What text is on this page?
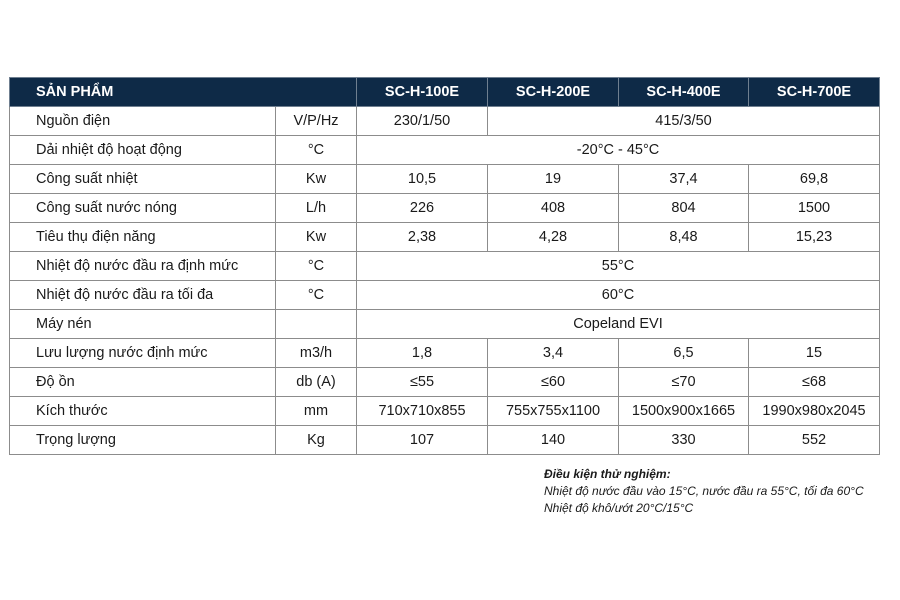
SẢN PHẨM		SC-H-100E	SC-H-200E	SC-H-400E	SC-H-700E
Nguồn điện	V/P/Hz	230/1/50	415/3/50		
Dải nhiệt độ hoạt động	°C	-20°C - 45°C			
Công suất nhiệt	Kw	10,5	19	37,4	69,8
Công suất nước nóng	L/h	226	408	804	1500
Tiêu thụ điện năng	Kw	2,38	4,28	8,48	15,23
Nhiệt độ nước đầu ra định mức	°C	55°C			
Nhiệt độ nước đầu ra tối đa	°C	60°C			
Máy nén		Copeland EVI			
Lưu lượng nước định mức	m3/h	1,8	3,4	6,5	15
Độ ồn	db (A)	≤55	≤60	≤70	≤68
Kích thước	mm	710x710x855	755x755x1100	1500x900x1665	1990x980x2045
Trọng lượng	Kg	107	140	330	552
Điều kiện thử nghiệm:
Nhiệt độ nước đầu vào 15°C, nước đầu ra 55°C, tối đa 60°C
Nhiệt độ khô/ướt 20°C/15°C
